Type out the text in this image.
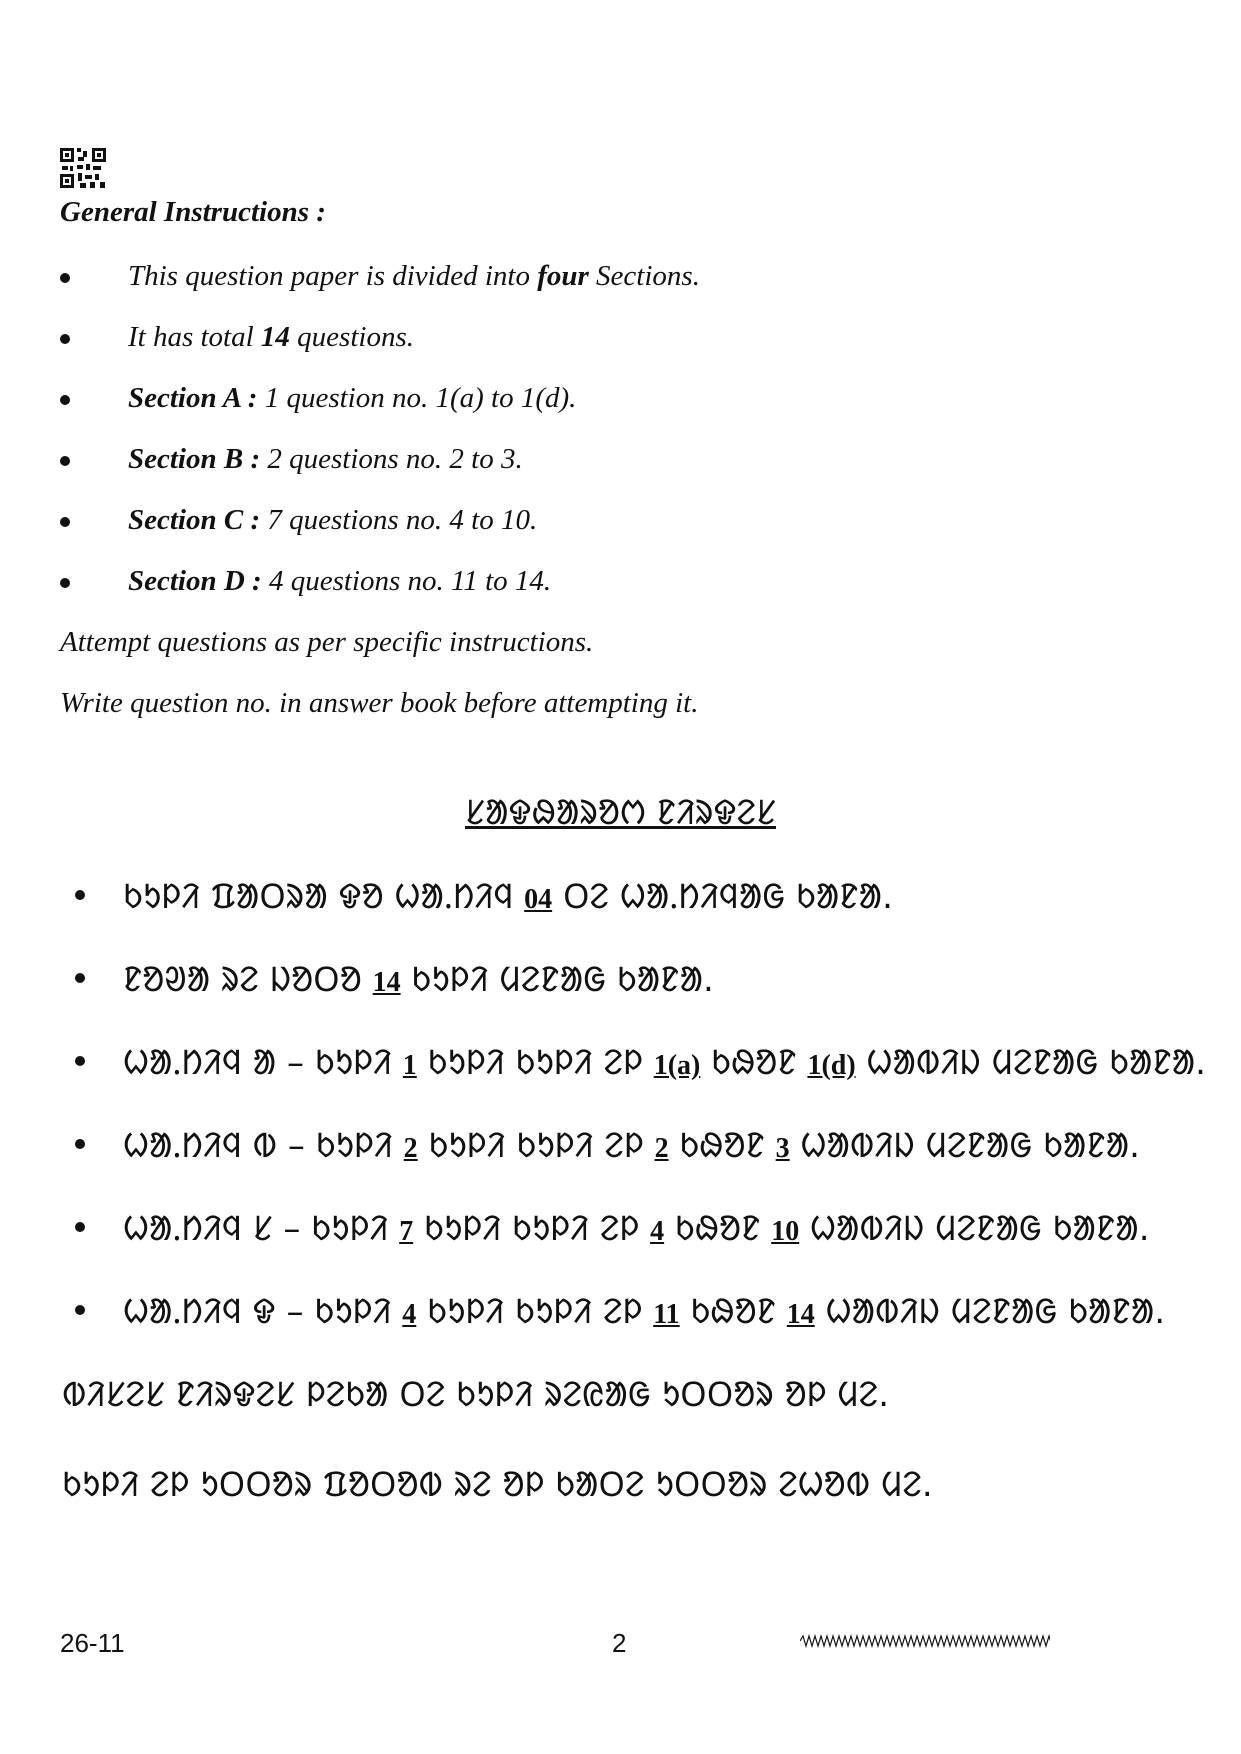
General Instructions :
This question paper is divided into four Sections.
It has total 14 questions.
Section A : 1 question no. 1(a) to 1(d).
Section B : 2 questions no. 2 to 3.
Section C : 7 questions no. 4 to 10.
Section D : 4 questions no. 11 to 14.
Attempt questions as per specific instructions.
Write question no. in answer book before attempting it.
ᱥᱟᱫᱷᱟᱨᱚᱬ ᱱᱤᱨᱫᱮᱥ
ᱠᱩᱞᱤ ᱯᱟᱛᱨᱟ ᱫᱚ ᱦᱟᱹᱴᱤᱧ 04 ᱛᱮ ᱦᱟᱹᱴᱤᱧᱟᱜ ᱠᱟᱱᱟ.
ᱱᱚᱣᱟ ᱨᱮ ᱡᱚᱛᱚ 14 ᱠᱩᱞᱤ ᱢᱮᱱᱟᱜ ᱠᱟᱱᱟ.
ᱦᱟᱹᱴᱤᱧ ᱟ – ᱠᱩᱞᱤ 1 ᱠᱩᱞᱤ ᱠᱩᱞᱤ ᱮᱞ 1(a) ᱠᱷᱚᱱ 1(d) ᱦᱟᱵᱤᱡ ᱢᱮᱱᱟᱜ ᱠᱟᱱᱟ.
ᱦᱟᱹᱴᱤᱧ ᱵ – ᱠᱩᱞᱤ 2 ᱠᱩᱞᱤ ᱠᱩᱞᱤ ᱮᱞ 2 ᱠᱷᱚᱱ 3 ᱦᱟᱵᱤᱡ ᱢᱮᱱᱟᱜ ᱠᱟᱱᱟ.
ᱦᱟᱹᱴᱤᱧ ᱥ – ᱠᱩᱞᱤ 7 ᱠᱩᱞᱤ ᱠᱩᱞᱤ ᱮᱞ 4 ᱠᱷᱚᱱ 10 ᱦᱟᱵᱤᱡ ᱢᱮᱱᱟᱜ ᱠᱟᱱᱟ.
ᱦᱟᱹᱴᱤᱧ ᱫ – ᱠᱩᱞᱤ 4 ᱠᱩᱞᱤ ᱠᱩᱞᱤ ᱮᱞ 11 ᱠᱷᱚᱱ 14 ᱦᱟᱵᱤᱡ ᱢᱮᱱᱟᱜ ᱠᱟᱱᱟ.
ᱵᱤᱥᱮᱥ ᱱᱤᱨᱫᱮᱥ ᱞᱮᱠᱟ ᱛᱮ ᱠᱩᱞᱤ ᱨᱮᱭᱟᱜ ᱩᱛᱛᱚᱨ ᱚᱞ ᱢᱮ.
ᱠᱩᱞᱤ ᱮᱞ ᱩᱛᱛᱚᱨ ᱯᱚᱛᱚᱵ ᱨᱮ ᱚᱞ ᱠᱟᱛᱮ ᱩᱛᱛᱚᱨ ᱮᱦᱚᱵ ᱢᱮ.
26-11	2
